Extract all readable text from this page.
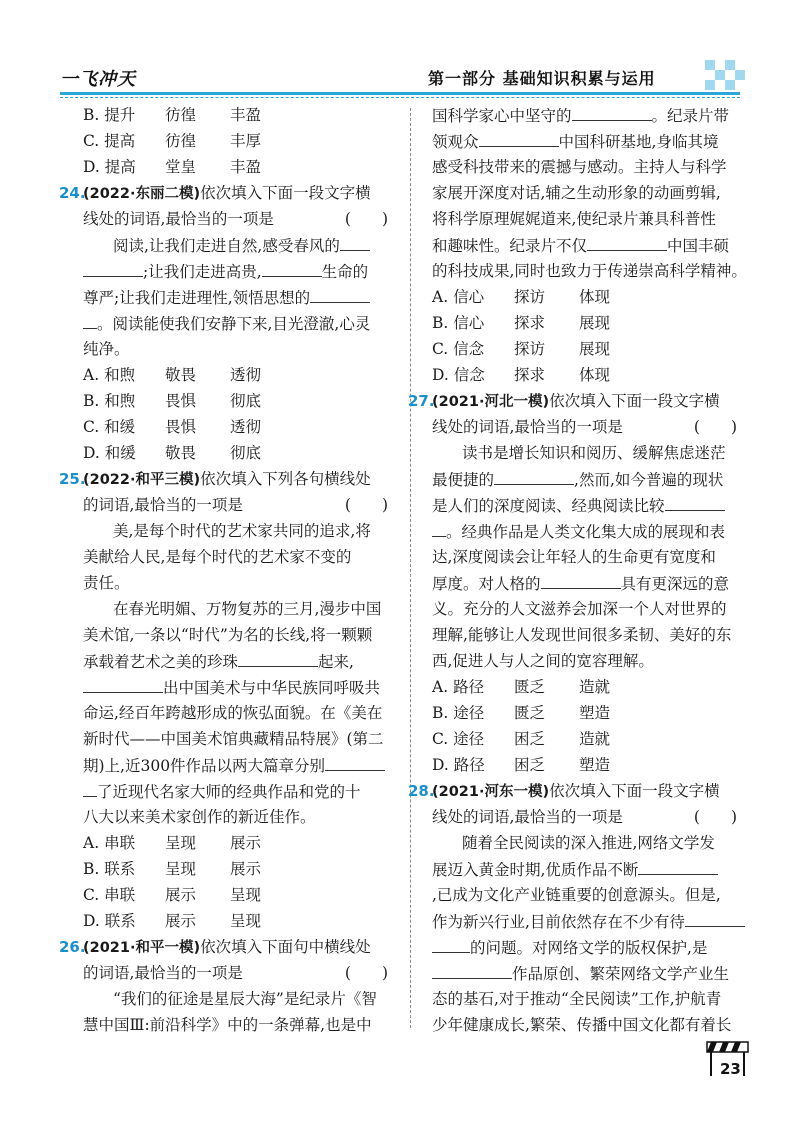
一飞冲天	第一部分 基础知识积累与运用
B. 提升	彷徨	丰盈
C. 提高	彷徨	丰厚
D. 提高	堂皇	丰盈
24.
(2022·东丽二模)依次填入下面一段文字横
线处的词语,最恰当的一项是	(　　)
阅读,让我们走进自然,感受春风的
;让我们走进高贵,	生命的
尊严;让我们走进理性,领悟思想的
。阅读能使我们安静下来,目光澄澈,心灵
纯净。
A. 和煦	敬畏	透彻
B. 和煦	畏惧	彻底
C. 和缓	畏惧	透彻
D. 和缓	敬畏	彻底
25.
(2022·和平三模)依次填入下列各句横线处
的词语,最恰当的一项是	(　　)
美,是每个时代的艺术家共同的追求,将
美献给人民,是每个时代的艺术家不变的
责任。
在春光明媚、万物复苏的三月,漫步中国
美术馆,一条以“时代”为名的长线,将一颗颗
承载着艺术之美的珍珠	起来,
出中国美术与中华民族同呼吸共
命运,经百年跨越形成的恢弘面貌。在《美在
新时代——中国美术馆典藏精品特展》(第二
期)上,近300件作品以两大篇章分别
了近现代名家大师的经典作品和党的十
八大以来美术家创作的新近佳作。
A. 串联	呈现	展示
B. 联系	呈现	展示
C. 串联	展示	呈现
D. 联系	展示	呈现
26.
(2021·和平一模)依次填入下面句中横线处
的词语,最恰当的一项是	(　　)
“我们的征途是星辰大海”是纪录片《智
慧中国Ⅲ:前沿科学》中的一条弹幕,也是中
国科学家心中坚守的	。纪录片带
领观众	中国科研基地,身临其境
感受科技带来的震撼与感动。主持人与科学
家展开深度对话,辅之生动形象的动画剪辑,
将科学原理娓娓道来,使纪录片兼具科普性
和趣味性。纪录片不仅	中国丰硕
的科技成果,同时也致力于传递崇高科学精神。
A. 信心	探访	体现
B. 信心	探求	展现
C. 信念	探访	展现
D. 信念	探求	体现
27.
(2021·河北一模)依次填入下面一段文字横
线处的词语,最恰当的一项是	(　　)
读书是增长知识和阅历、缓解焦虑迷茫
最便捷的	,然而,如今普遍的现状
是人们的深度阅读、经典阅读比较
。经典作品是人类文化集大成的展现和表
达,深度阅读会让年轻人的生命更有宽度和
厚度。对人格的	具有更深远的意
义。充分的人文滋养会加深一个人对世界的
理解,能够让人发现世间很多柔韧、美好的东
西,促进人与人之间的宽容理解。
A. 路径	匮乏	造就
B. 途径	匮乏	塑造
C. 途径	困乏	造就
D. 路径	困乏	塑造
28.
(2021·河东一模)依次填入下面一段文字横
线处的词语,最恰当的一项是	(　　)
随着全民阅读的深入推进,网络文学发
展迈入黄金时期,优质作品不断
,已成为文化产业链重要的创意源头。但是,
作为新兴行业,目前依然存在不少有待
的问题。对网络文学的版权保护,是
作品原创、繁荣网络文学产业生
态的基石,对于推动“全民阅读”工作,护航青
少年健康成长,繁荣、传播中国文化都有着长
23
